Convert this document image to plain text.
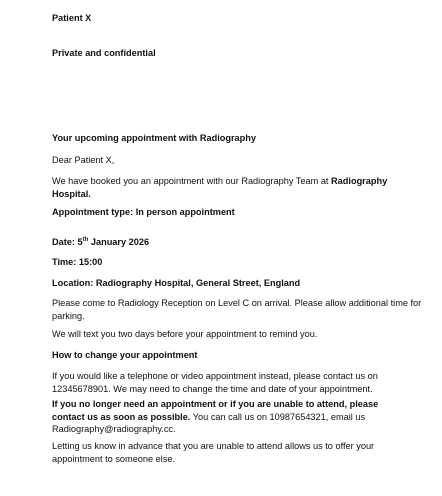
Patient X
Private and confidential
Your upcoming appointment with Radiography
Dear Patient X,
We have booked you an appointment with our Radiography Team at Radiography Hospital.
Appointment type: In person appointment
Date: 5th January 2026
Time: 15:00
Location: Radiography Hospital, General Street, England
Please come to Radiology Reception on Level C on arrival. Please allow additional time for parking.
We will text you two days before your appointment to remind you.
How to change your appointment
If you would like a telephone or video appointment instead, please contact us on 12345678901. We may need to change the time and date of your appointment.
If you no longer need an appointment or if you are unable to attend, please contact us as soon as possible. You can call us on 10987654321, email us Radiography@radiography.cc.
Letting us know in advance that you are unable to attend allows us to offer your appointment to someone else.
